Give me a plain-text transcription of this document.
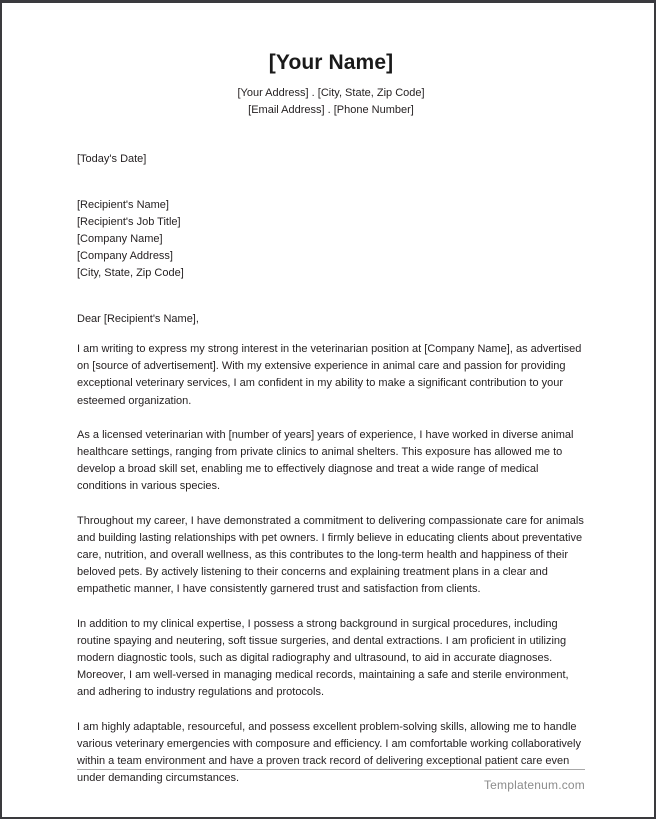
[Your Name]
[Your Address] . [City, State, Zip Code]
[Email Address] . [Phone Number]
[Today's Date]
[Recipient's Name]
[Recipient's Job Title]
[Company Name]
[Company Address]
[City, State, Zip Code]
Dear [Recipient's Name],

I am writing to express my strong interest in the veterinarian position at [Company Name], as advertised on [source of advertisement]. With my extensive experience in animal care and passion for providing exceptional veterinary services, I am confident in my ability to make a significant contribution to your esteemed organization.

As a licensed veterinarian with [number of years] years of experience, I have worked in diverse animal healthcare settings, ranging from private clinics to animal shelters. This exposure has allowed me to develop a broad skill set, enabling me to effectively diagnose and treat a wide range of medical conditions in various species.

Throughout my career, I have demonstrated a commitment to delivering compassionate care for animals and building lasting relationships with pet owners. I firmly believe in educating clients about preventative care, nutrition, and overall wellness, as this contributes to the long-term health and happiness of their beloved pets. By actively listening to their concerns and explaining treatment plans in a clear and empathetic manner, I have consistently garnered trust and satisfaction from clients.

In addition to my clinical expertise, I possess a strong background in surgical procedures, including routine spaying and neutering, soft tissue surgeries, and dental extractions. I am proficient in utilizing modern diagnostic tools, such as digital radiography and ultrasound, to aid in accurate diagnoses. Moreover, I am well-versed in managing medical records, maintaining a safe and sterile environment, and adhering to industry regulations and protocols.

I am highly adaptable, resourceful, and possess excellent problem-solving skills, allowing me to handle various veterinary emergencies with composure and efficiency. I am comfortable working collaboratively within a team environment and have a proven track record of delivering exceptional patient care even under demanding circumstances.	Templatenum.com
